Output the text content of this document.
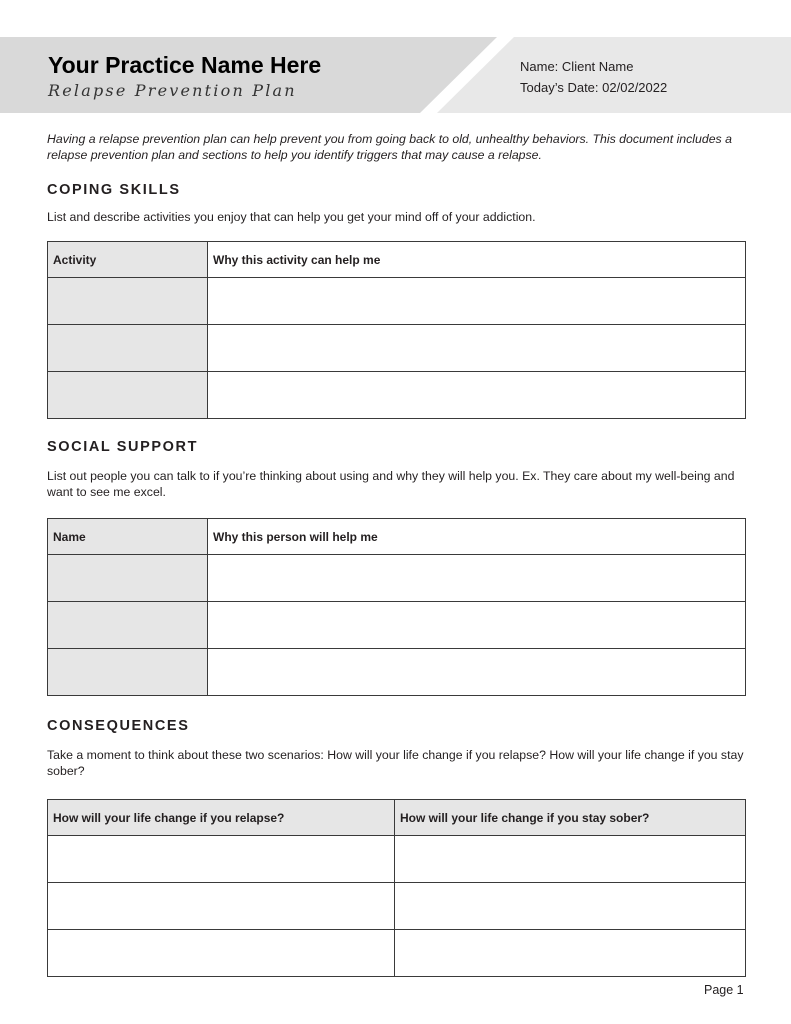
Your Practice Name Here
Relapse Prevention Plan
Name: Client Name
Today’s Date: 02/02/2022
Having a relapse prevention plan can help prevent you from going back to old, unhealthy behaviors. This document includes a relapse prevention plan and sections to help you identify triggers that may cause a relapse.
COPING SKILLS
List and describe activities you enjoy that can help you get your mind off of your addiction.
Activity	Why this activity can help me

SOCIAL SUPPORT
List out people you can talk to if you’re thinking about using and why they will help you. Ex. They care about my well-being and want to see me excel.
Name	Why this person will help me

CONSEQUENCES
Take a moment to think about these two scenarios: How will your life change if you relapse? How will your life change if you stay sober?
How will your life change if you relapse?	How will your life change if you stay sober?

Page 1
